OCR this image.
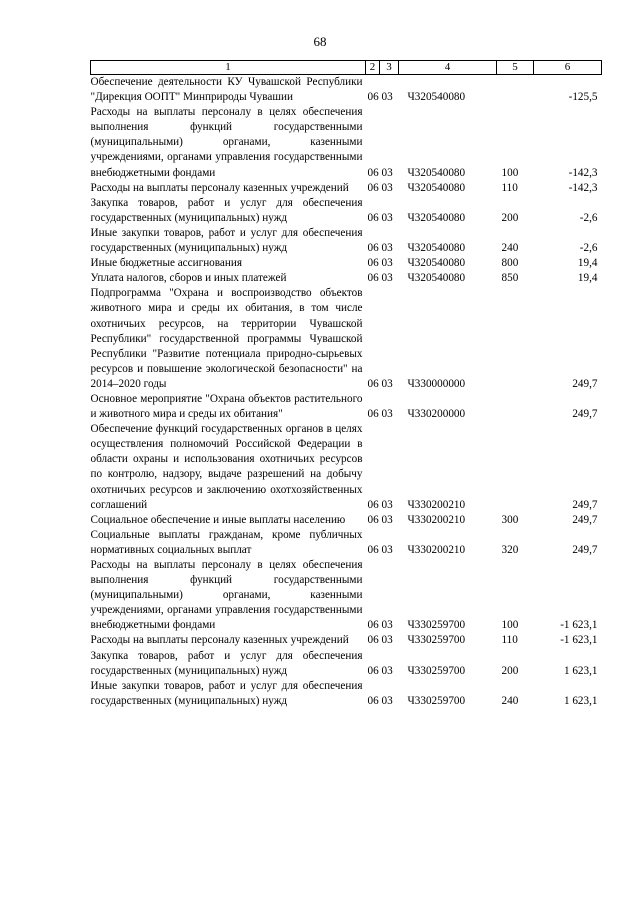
68
1	2	3	4	5	6
Обеспечение деятельности КУ Чувашской Республики "Дирекция ООПТ" Минприроды Чувашии	06	03	Ч320540080		-125,5
Расходы на выплаты персоналу в целях обеспечения выполнения функций государственными (муниципальными) органами, казенными учреждениями, органами управления государственными внебюджетными фондами	06	03	Ч320540080	100	-142,3
Расходы на выплаты персоналу казенных учреждений	06	03	Ч320540080	110	-142,3
Закупка товаров, работ и услуг для обеспечения государственных (муниципальных) нужд	06	03	Ч320540080	200	-2,6
Иные закупки товаров, работ и услуг для обеспечения государственных (муниципальных) нужд	06	03	Ч320540080	240	-2,6
Иные бюджетные ассигнования	06	03	Ч320540080	800	19,4
Уплата налогов, сборов и иных платежей	06	03	Ч320540080	850	19,4
Подпрограмма "Охрана и воспроизводство объектов животного мира и среды их обитания, в том числе охотничьих ресурсов, на территории Чувашской Республики" государственной программы Чувашской Республики "Развитие потенциала природно-сырьевых ресурсов и повышение экологической безопасности" на 2014–2020 годы	06	03	Ч330000000		249,7
Основное мероприятие "Охрана объектов растительного и животного мира и среды их обитания"	06	03	Ч330200000		249,7
Обеспечение функций государственных органов в целях осуществления полномочий Российской Федерации в области охраны и использования охотничьих ресурсов по контролю, надзору, выдаче разрешений на добычу охотничьих ресурсов и заключению охотхозяйственных соглашений	06	03	Ч330200210		249,7
Социальное обеспечение и иные выплаты населению	06	03	Ч330200210	300	249,7
Социальные выплаты гражданам, кроме публичных нормативных социальных выплат	06	03	Ч330200210	320	249,7
Расходы на выплаты персоналу в целях обеспечения выполнения функций государственными (муниципальными) органами, казенными учреждениями, органами управления государственными внебюджетными фондами	06	03	Ч330259700	100	-1 623,1
Расходы на выплаты персоналу казенных учреждений	06	03	Ч330259700	110	-1 623,1
Закупка товаров, работ и услуг для обеспечения государственных (муниципальных) нужд	06	03	Ч330259700	200	1 623,1
Иные закупки товаров, работ и услуг для обеспечения государственных (муниципальных) нужд	06	03	Ч330259700	240	1 623,1
